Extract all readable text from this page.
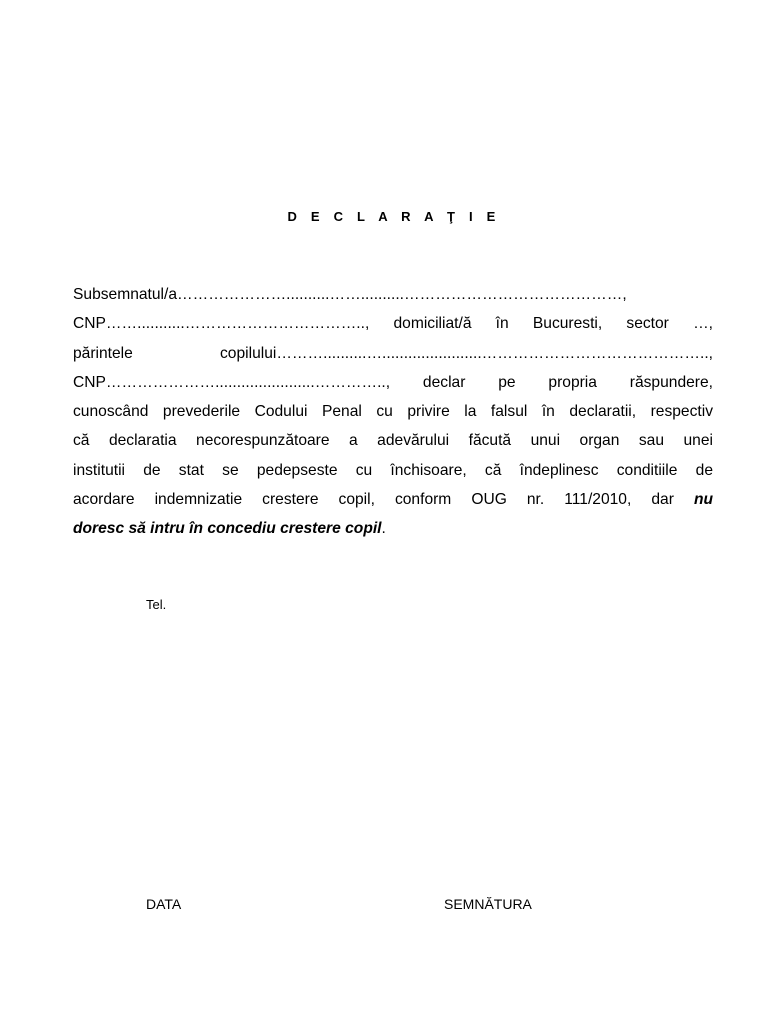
D E C L A R A Ţ I E
Subsemnatul/a…………………..........……..........……………………………………,
CNP……...........…………………………….., domiciliat/ă în Bucuresti, sector …,
părintele copilului………..........….......................……………………………………..,
CNP………………….......................………….., declar pe propria răspundere,
cunoscând prevederile Codului Penal cu privire la falsul în declaratii, respectiv
că declaratia necorespunzătoare a adevărului făcută unui organ sau unei
institutii de stat se pedepseste cu închisoare, că îndeplinesc conditiile de
acordare indemnizatie crestere copil, conform OUG nr. 111/2010, dar nu
doresc să intru în concediu crestere copil.
Tel.
DATA	SEMNĂTURA
